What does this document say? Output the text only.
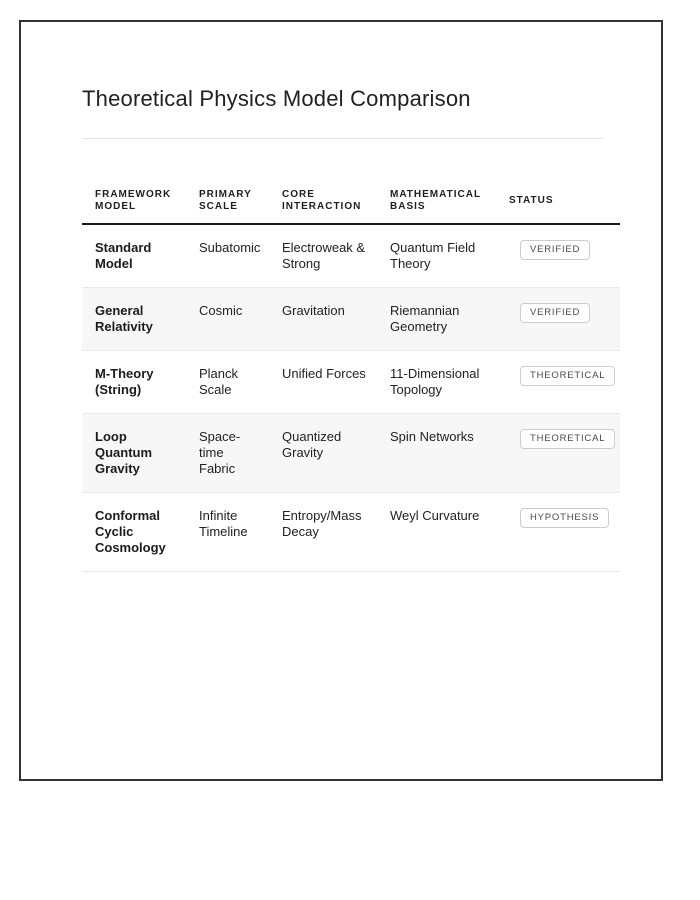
Theoretical Physics Model Comparison
FRAMEWORK MODEL	PRIMARY SCALE	CORE INTERACTION	MATHEMATICAL BASIS	STATUS
Standard Model	Subatomic	Electroweak & Strong	Quantum Field Theory	VERIFIED
General Relativity	Cosmic	Gravitation	Riemannian Geometry	VERIFIED
M-Theory (String)	Planck Scale	Unified Forces	11-Dimensional Topology	THEORETICAL
Loop Quantum Gravity	Space-time Fabric	Quantized Gravity	Spin Networks	THEORETICAL
Conformal Cyclic Cosmology	Infinite Timeline	Entropy/Mass Decay	Weyl Curvature	HYPOTHESIS
